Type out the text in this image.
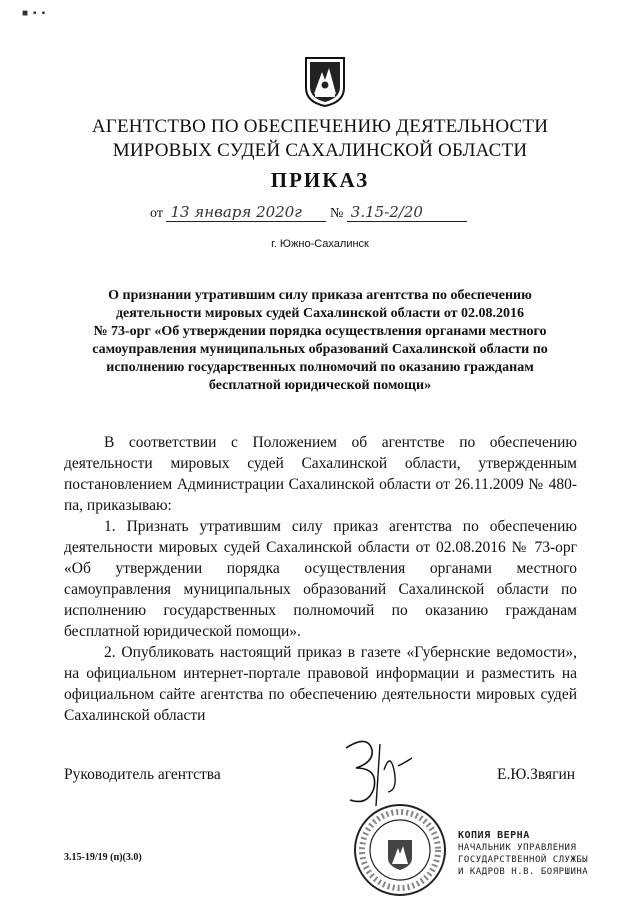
■  ▪  ▪
АГЕНТСТВО ПО ОБЕСПЕЧЕНИЮ ДЕЯТЕЛЬНОСТИ
МИРОВЫХ СУДЕЙ САХАЛИНСКОЙ ОБЛАСТИ
ПРИКАЗ
от 13 января 2020г № 3.15-2/20
г. Южно-Сахалинск
О признании утратившим силу приказа агентства по обеспечению
деятельности мировых судей Сахалинской области от 02.08.2016
№ 73-орг «Об утверждении порядка осуществления органами местного
самоуправления муниципальных образований Сахалинской области по
исполнению государственных полномочий по оказанию гражданам
бесплатной юридической помощи»

В соответствии с Положением об агентстве по обеспечению деятельности мировых судей Сахалинской области, утвержденным постановлением Администрации Сахалинской области от 26.11.2009 № 480-па, приказываю:

1. Признать утратившим силу приказ агентства по обеспечению деятельности мировых судей Сахалинской области от 02.08.2016 № 73-орг «Об утверждении порядка осуществления органами местного самоуправления муниципальных образований Сахалинской области по исполнению государственных полномочий по оказанию гражданам бесплатной юридической помощи».

2. Опубликовать настоящий приказ в газете «Губернские ведомости», на официальном интернет-портале правовой информации и разместить на официальном сайте агентства по обеспечению деятельности мировых судей Сахалинской области

Руководитель агентства	Е.Ю.Звягин
3.15-19/19 (п)(3.0)
КОПИЯ ВЕРНА
НАЧАЛЬНИК УПРАВЛЕНИЯ
ГОСУДАРСТВЕННОЙ СЛУЖБЫ
И КАДРОВ Н.В. БОЯРШИНА
